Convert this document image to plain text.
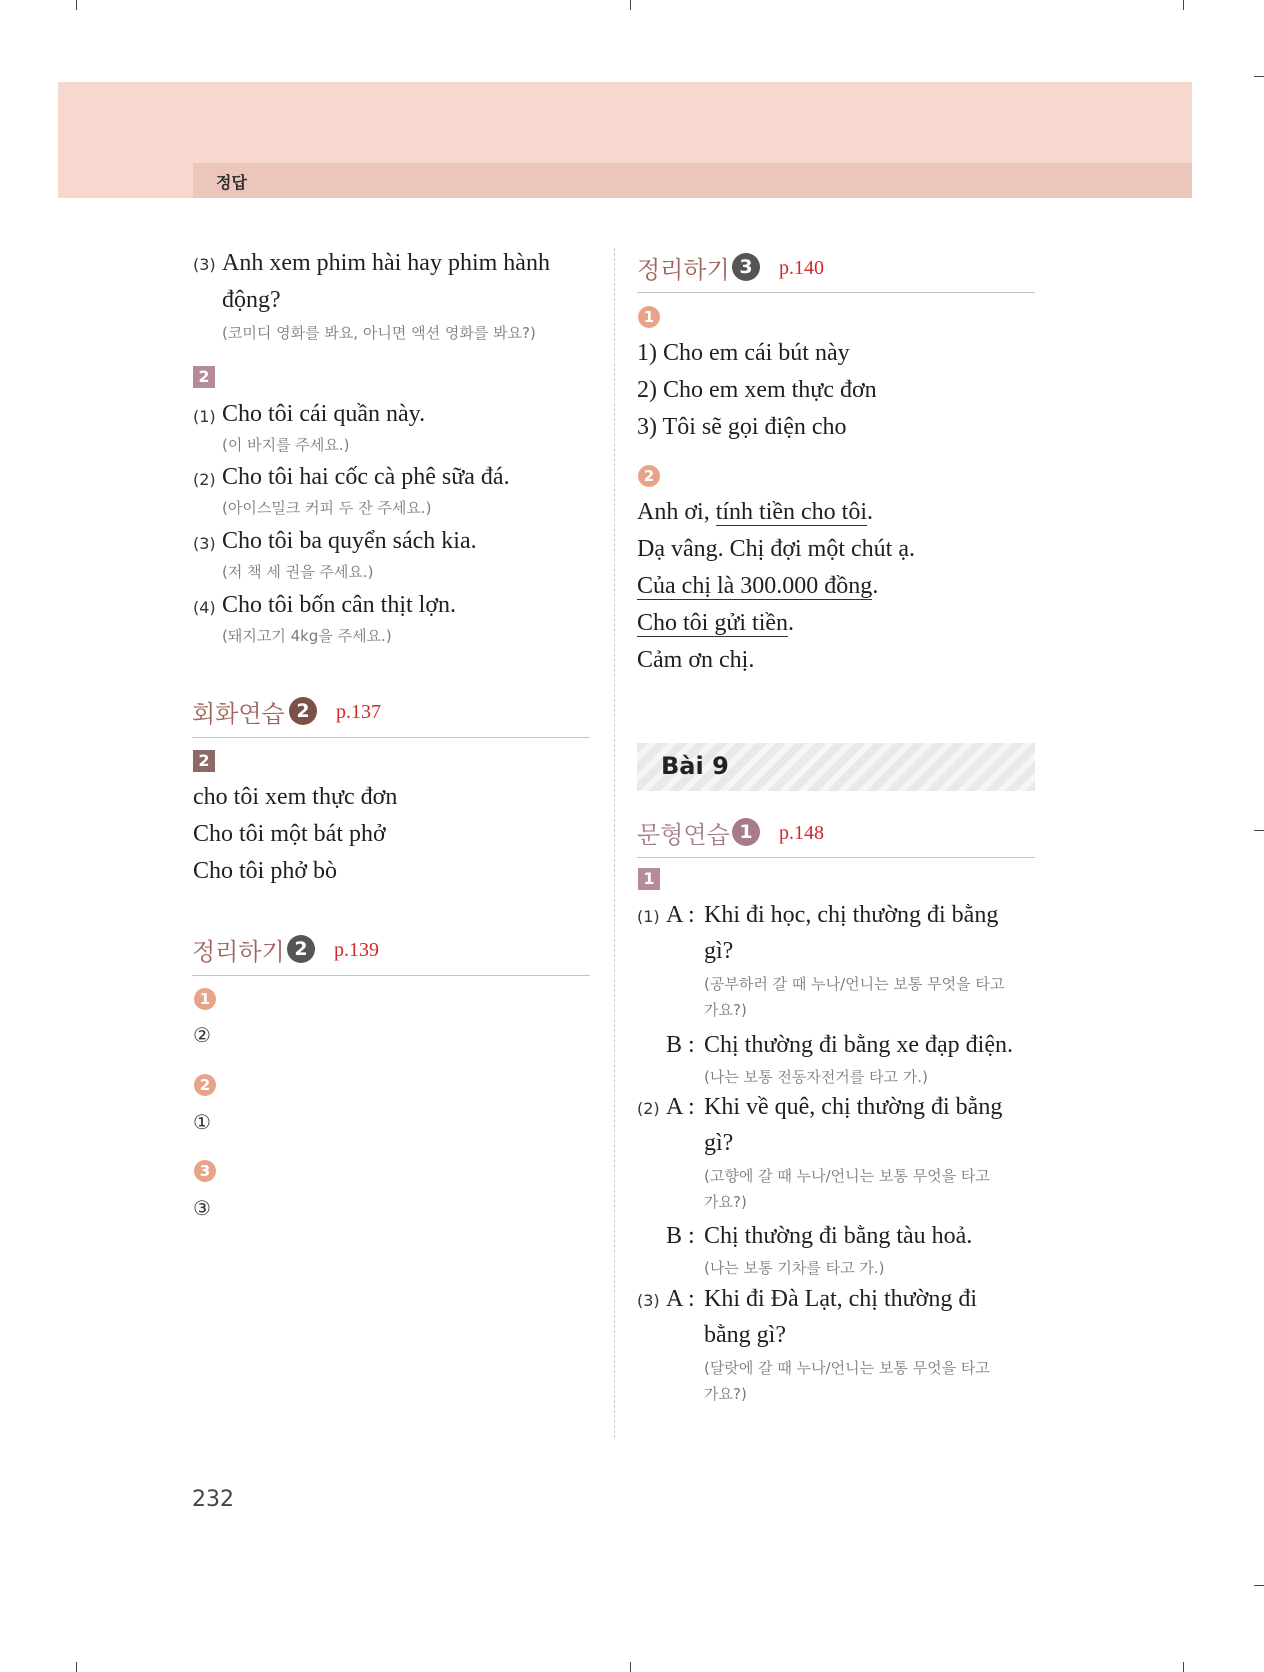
정답
(3) Anh xem phim hài hay phim hành
động?
(코미디 영화를 봐요, 아니면 액션 영화를 봐요?)
2
(1) Cho tôi cái quần này.
(이 바지를 주세요.)
(2) Cho tôi hai cốc cà phê sữa đá.
(아이스밀크 커피 두 잔 주세요.)
(3) Cho tôi ba quyển sách kia.
(저 책 세 권을 주세요.)
(4) Cho tôi bốn cân thịt lợn.
(돼지고기 4kg을 주세요.)
회화연습 2	p.137
2
cho tôi xem thực đơn
Cho tôi một bát phở
Cho tôi phở bò
정리하기 2	p.139
1
②
2
①
3
③
232
정리하기 3	p.140
1
1) Cho em cái bút này
2) Cho em xem thực đơn
3) Tôi sẽ gọi điện cho
2
Anh ơi, tính tiền cho tôi.
Dạ vâng. Chị đợi một chút ạ.
Của chị là 300.000 đồng.
Cho tôi gửi tiền.
Cảm ơn chị.
Bài 9
문형연습 1	p.148
1
(1) A : Khi đi học, chị thường đi bằng
gì?
(공부하러 갈 때 누나/언니는 보통 무엇을 타고
가요?)
B : Chị thường đi bằng xe đạp điện.
(나는 보통 전동자전거를 타고 가.)
(2) A : Khi về quê, chị thường đi bằng
gì?
(고향에 갈 때 누나/언니는 보통 무엇을 타고
가요?)
B : Chị thường đi bằng tàu hoả.
(나는 보통 기차를 타고 가.)
(3) A : Khi đi Đà Lạt, chị thường đi
bằng gì?
(달랏에 갈 때 누나/언니는 보통 무엇을 타고
가요?)
